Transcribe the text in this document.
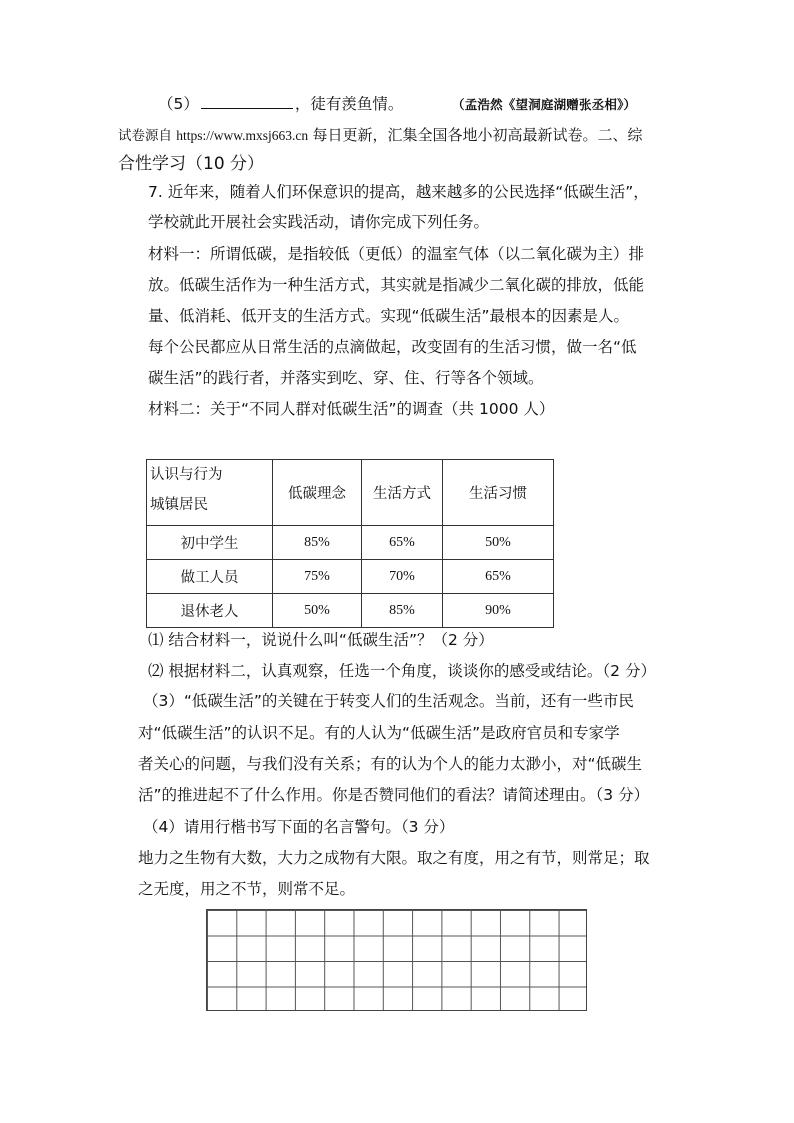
（5）	，徒有羡鱼情。	（孟浩然《望洞庭湖赠张丞相》）
试卷源自 https://www.mxsj663.cn 每日更新，汇集全国各地小初高最新试卷。二、综
合性学习（10 分）
7. 近年来，随着人们环保意识的提高，越来越多的公民选择“低碳生活”，
学校就此开展社会实践活动，请你完成下列任务。
材料一：所谓低碳，是指较低（更低）的温室气体（以二氧化碳为主）排
放。低碳生活作为一种生活方式，其实就是指减少二氧化碳的排放，低能
量、低消耗、低开支的生活方式。实现“低碳生活”最根本的因素是人。
每个公民都应从日常生活的点滴做起，改变固有的生活习惯，做一名“低
碳生活”的践行者，并落实到吃、穿、住、行等各个领域。
材料二：关于“不同人群对低碳生活”的调查（共 1000 人）
认识与行为
城镇居民	低碳理念	生活方式	生活习惯
初中学生	85%	65%	50%
做工人员	75%	70%	65%
退休老人	50%	85%	90%
⑴ 结合材料一，说说什么叫“低碳生活”？（2 分）
⑵ 根据材料二，认真观察，任选一个角度，谈谈你的感受或结论。（2 分）
（3）“低碳生活”的关键在于转变人们的生活观念。当前，还有一些市民
对“低碳生活”的认识不足。有的人认为“低碳生活”是政府官员和专家学
者关心的问题，与我们没有关系；有的认为个人的能力太渺小，对“低碳生
活”的推进起不了什么作用。你是否赞同他们的看法？请简述理由。（3 分）
（4）请用行楷书写下面的名言警句。（3 分）
地力之生物有大数，大力之成物有大限。取之有度，用之有节，则常足；取
之无度，用之不节，则常不足。
